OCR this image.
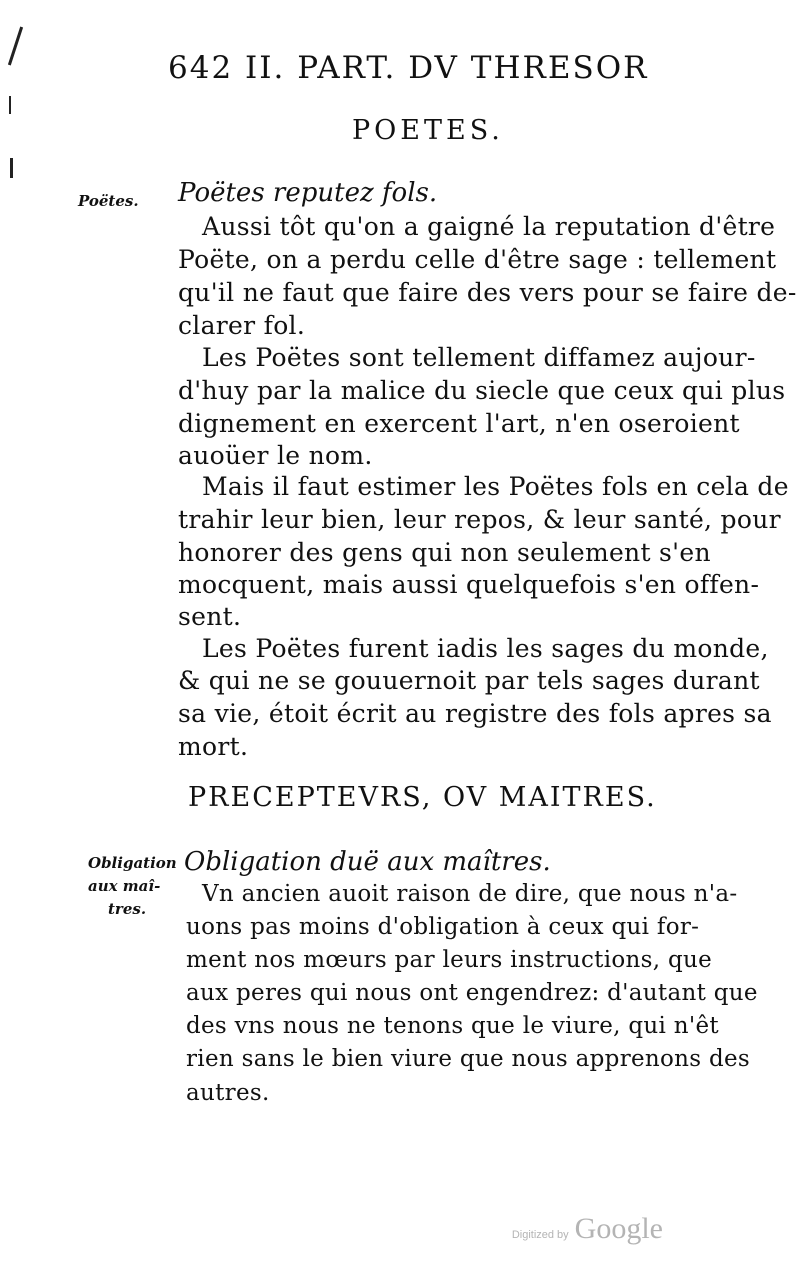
642 II. PART. DV THRESOR
POETES.
Poëtes. Poëtes reputez fols.
Aussi tôt qu'on a gaigné la reputation d'être
Poëte, on a perdu celle d'être sage : tellement
qu'il ne faut que faire des vers pour se faire de-
clarer fol.
Les Poëtes sont tellement diffamez aujour-
d'huy par la malice du siecle que ceux qui plus
dignement en exercent l'art, n'en oseroient
auoüer le nom.
Mais il faut estimer les Poëtes fols en cela de
trahir leur bien, leur repos, & leur santé, pour
honorer des gens qui non seulement s'en
mocquent, mais aussi quelquefois s'en offen-
sent.
Les Poëtes furent iadis les sages du monde,
& qui ne se gouuernoit par tels sages durant
sa vie, étoit écrit au registre des fols apres sa
mort.
PRECEPTEVRS, OV MAITRES.
Obligation
aux maî-
tres.
Obligation duë aux maîtres.
Vn ancien auoit raison de dire, que nous n'a-
uons pas moins d'obligation à ceux qui for-
ment nos mœurs par leurs instructions, que
aux peres qui nous ont engendrez: d'autant que
des vns nous ne tenons que le viure, qui n'êt
rien sans le bien viure que nous apprenons des
autres.
Digitized by Google
